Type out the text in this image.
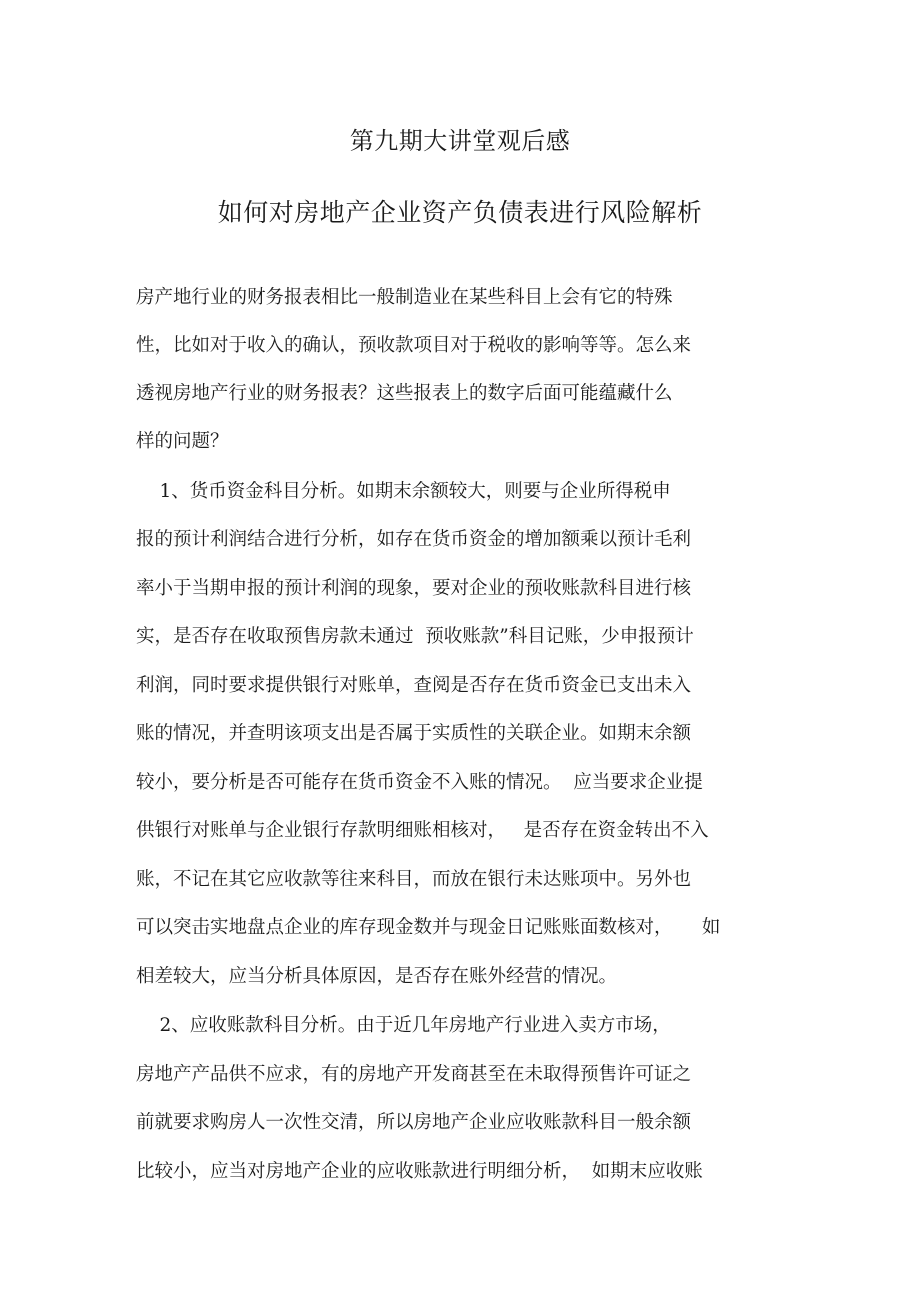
第九期大讲堂观后感
如何对房地产企业资产负债表进行风险解析
房产地行业的财务报表相比一般制造业在某些科目上会有它的特殊
性，比如对于收入的确认，预收款项目对于税收的影响等等。怎么来
透视房地产行业的财务报表？这些报表上的数字后面可能蕴藏什么
样的问题？
1、货币资金科目分析。如期末余额较大，则要与企业所得税申
报的预计利润结合进行分析，如存在货币资金的增加额乘以预计毛利
率小于当期申报的预计利润的现象，要对企业的预收账款科目进行核
实，是否存在收取预售房款未通过  预收账款”科目记账，少申报预计
利润，同时要求提供银行对账单，查阅是否存在货币资金已支出未入
账的情况，并查明该项支出是否属于实质性的关联企业。如期末余额
较小，要分析是否可能存在货币资金不入账的情况。  应当要求企业提
供银行对账单与企业银行存款明细账相核对，   是否存在资金转出不入
账，不记在其它应收款等往来科目，而放在银行未达账项中。另外也
可以突击实地盘点企业的库存现金数并与现金日记账账面数核对，     如
相差较大，应当分析具体原因，是否存在账外经营的情况。
2、应收账款科目分析。由于近几年房地产行业进入卖方市场，
房地产产品供不应求，有的房地产开发商甚至在未取得预售许可证之
前就要求购房人一次性交清，所以房地产企业应收账款科目一般余额
比较小，应当对房地产企业的应收账款进行明细分析，  如期末应收账
